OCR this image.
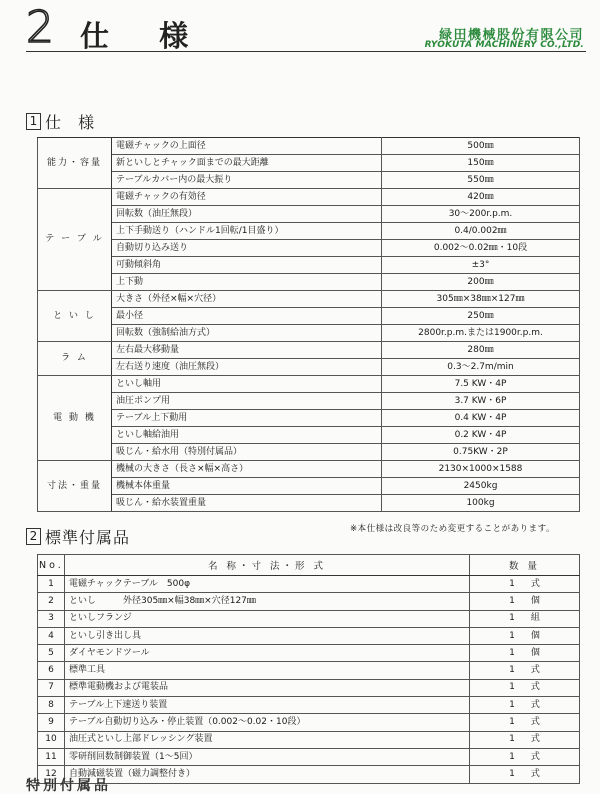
2 仕 様	緑田機械股份有限公司
RYOKUTA MACHINERY CO.,LTD.
1 仕 様
能力・容量	電磁チャックの上面径	500㎜
	新といしとチャック面までの最大距離	150㎜
	テーブルカバー内の最大振り	550㎜
テ ー ブ ル	電磁チャックの有効径	420㎜
	回転数（油圧無段）	30～200r.p.m.
	上下手動送り（ハンドル1回転/1目盛り）	0.4/0.002㎜
	自動切り込み送り	0.002～0.02㎜・10段
	可動傾斜角	±3°
	上下動	200㎜
と い し	大きさ（外径×幅×穴径）	305㎜×38㎜×127㎜
	最小径	250㎜
	回転数（強制給油方式）	2800r.p.m.または1900r.p.m.
ラ ム	左右最大移動量	280㎜
	左右送り速度（油圧無段）	0.3～2.7m/min
電 動 機	といし軸用	7.5 KW・4P
	油圧ポンプ用	3.7 KW・6P
	テーブル上下動用	0.4 KW・4P
	といし軸給油用	0.2 KW・4P
	吸じん・給水用（特別付属品）	0.75KW・2P
寸法・重量	機械の大きさ（長さ×幅×高さ）	2130×1000×1588
	機械本体重量	2450kg
	吸じん・給水装置重量	100kg
※本仕様は改良等のため変更することがあります。
2 標準付属品
No.	名 称・寸 法・形 式	数 量
1	電磁チャックテーブル　500φ	1 式

2	といし　　　外径305㎜×幅38㎜×穴径127㎜	1 個

3	といしフランジ	1 組

4	といし引き出し具	1 個

5	ダイヤモンドツール	1 個

6	標準工具	1 式

7	標準電動機および電装品	1 式

8	テーブル上下速送り装置	1 式

9	テーブル自動切り込み・停止装置（0.002～0.02・10段）	1 式

10	油圧式といし上部ドレッシング装置	1 式

11	零研削回数制御装置（1～5回）	1 式

12	自動減磁装置（磁力調整付き）	1 式
特別付属品
